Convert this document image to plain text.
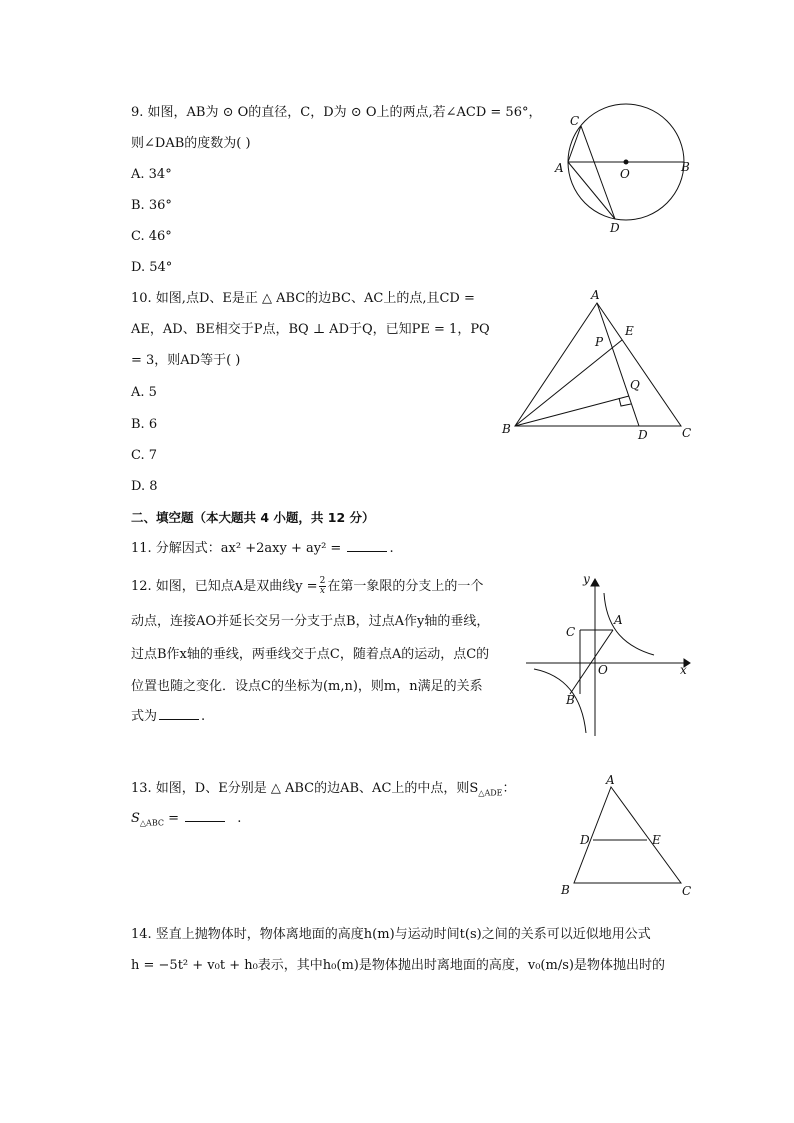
9. 如图，AB为 ⊙ O的直径，C，D为 ⊙ O上的两点,若∠ACD = 56°，
则∠DAB的度数为( )
A. 34°
B. 36°
C. 46°
D. 54°
A	B
C
D
O
10. 如图,点D、E是正 △ ABC的边BC、AC上的点,且CD =
AE，AD、BE相交于P点，BQ ⊥ AD于Q，已知PE = 1，PQ
= 3，则AD等于( )
A. 5
B. 6
C. 7
D. 8
A
B	C
D
E
P
Q
二、填空题（本大题共 4 小题，共 12 分）
11. 分解因式：ax² +2axy + ay² =	.
12. 如图，已知点A是双曲线$y = \frac{2}{x}$ 在第一象限的分支上的一个
动点，连接AO并延长交另一分支于点B，过点A作y轴的垂线，
过点B作x轴的垂线，两垂线交于点C，随着点A的运动，点C的
位置也随之变化．设点C的坐标为(m,n)，则m，n满足的关系
式为	.
y
x
O
A
B
C
13. 如图，D、E分别是 △ ABC的边AB、AC上的中点，则$S_{\triangle ADE}$：
$S_{\triangle ABC}$ =	.
A
B	C
D	E
14. 竖直上抛物体时，物体离地面的高度h(m)与运动时间t(s)之间的关系可以近似地用公式
h = −5t² + v₀t + h₀表示，其中h₀(m)是物体抛出时离地面的高度，v₀(m/s)是物体抛出时的
